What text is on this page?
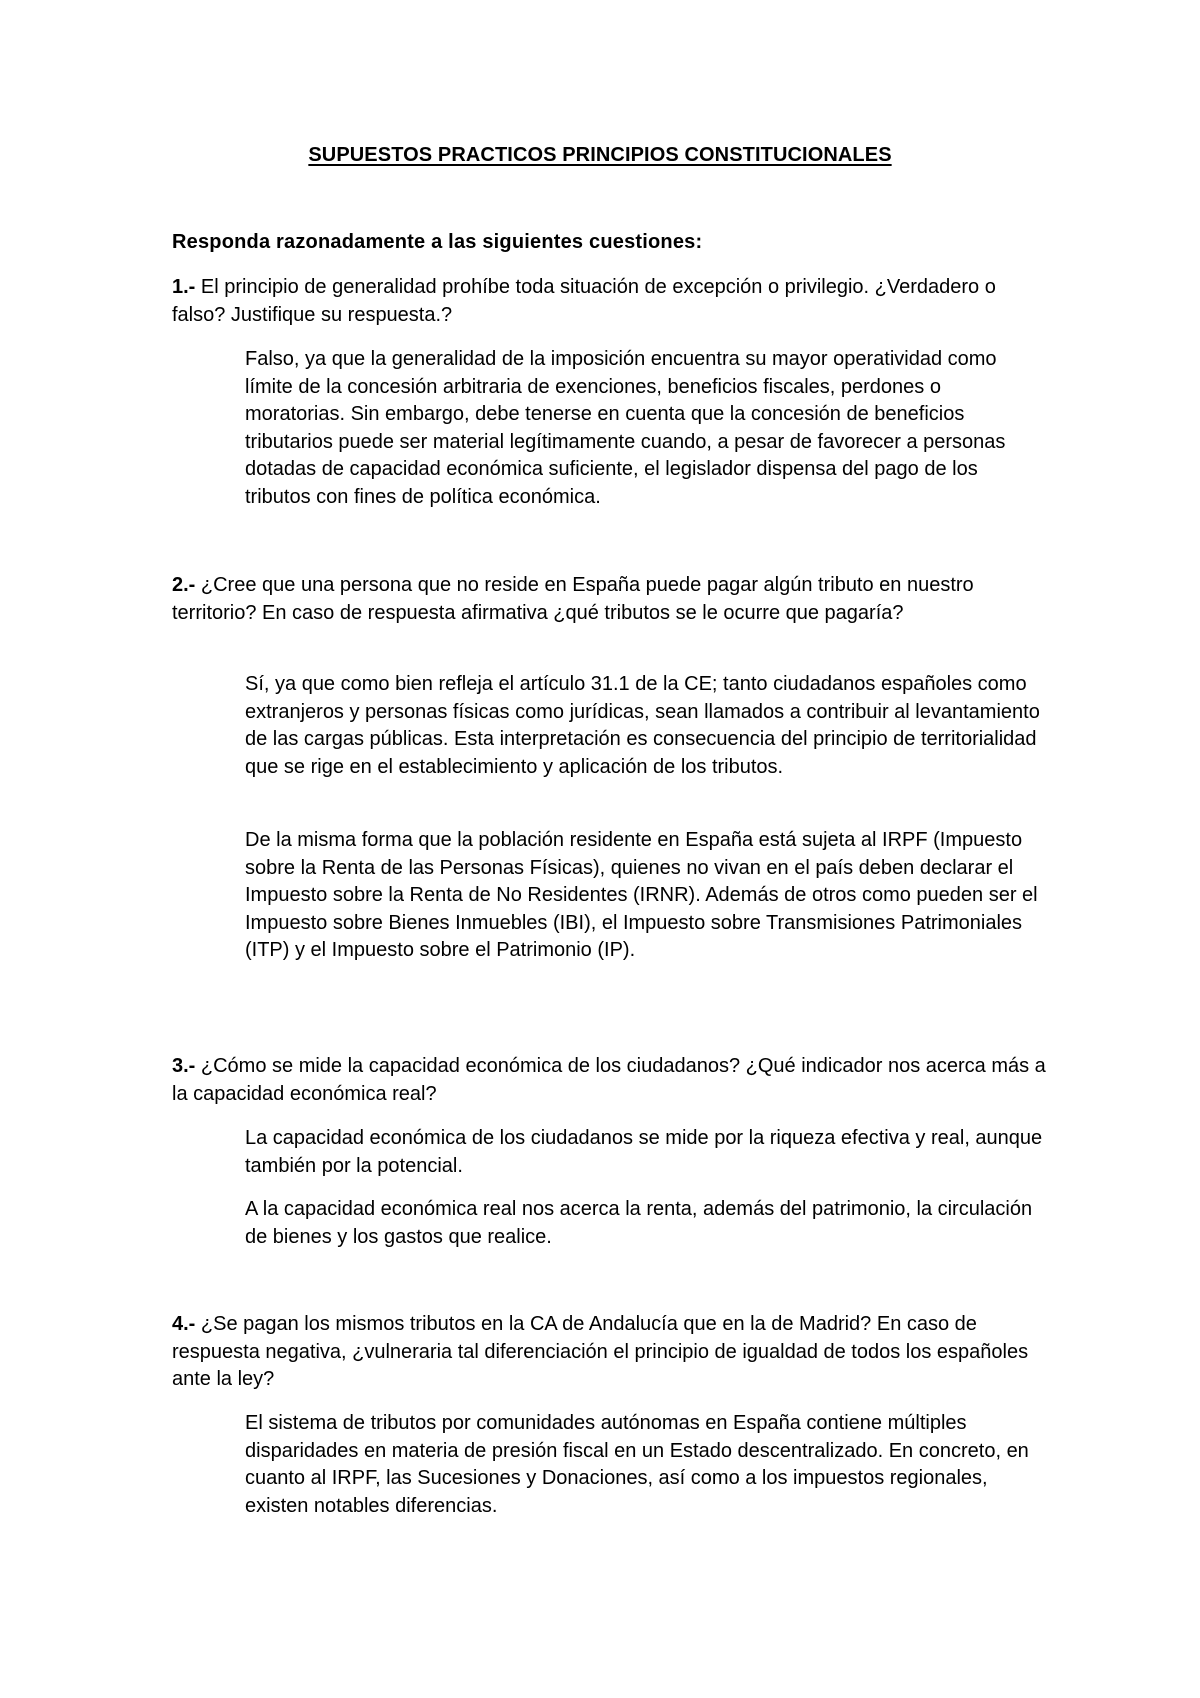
SUPUESTOS PRACTICOS PRINCIPIOS CONSTITUCIONALES
Responda razonadamente a las siguientes cuestiones:
1.- El principio de generalidad prohíbe toda situación de excepción o privilegio. ¿Verdadero o falso? Justifique su respuesta.?
Falso, ya que la generalidad de la imposición encuentra su mayor operatividad como límite de la concesión arbitraria de exenciones, beneficios fiscales, perdones o moratorias. Sin embargo, debe tenerse en cuenta que la concesión de beneficios tributarios puede ser material legítimamente cuando, a pesar de favorecer a personas dotadas de capacidad económica suficiente, el legislador dispensa del pago de los tributos con fines de política económica.
2.- ¿Cree que una persona que no reside en España puede pagar algún tributo en nuestro territorio? En caso de respuesta afirmativa ¿qué tributos se le ocurre que pagaría?
Sí, ya que como bien refleja el artículo 31.1 de la CE; tanto ciudadanos españoles como extranjeros y personas físicas como jurídicas, sean llamados a contribuir al levantamiento de las cargas públicas. Esta interpretación es consecuencia del principio de territorialidad que se rige en el establecimiento y aplicación de los tributos.
De la misma forma que la población residente en España está sujeta al IRPF (Impuesto sobre la Renta de las Personas Físicas), quienes no vivan en el país deben declarar el Impuesto sobre la Renta de No Residentes (IRNR). Además de otros como pueden ser el Impuesto sobre Bienes Inmuebles (IBI), el Impuesto sobre Transmisiones Patrimoniales (ITP) y el Impuesto sobre el Patrimonio (IP).
3.- ¿Cómo se mide la capacidad económica de los ciudadanos? ¿Qué indicador nos acerca más a la capacidad económica real?
La capacidad económica de los ciudadanos se mide por la riqueza efectiva y real, aunque también por la potencial.
A la capacidad económica real nos acerca la renta, además del patrimonio, la circulación de bienes y los gastos que realice.
4.- ¿Se pagan los mismos tributos en la CA de Andalucía que en la de Madrid? En caso de respuesta negativa, ¿vulneraria tal diferenciación el principio de igualdad de todos los españoles ante la ley?
El sistema de tributos por comunidades autónomas en España contiene múltiples disparidades en materia de presión fiscal en un Estado descentralizado. En concreto, en cuanto al IRPF, las Sucesiones y Donaciones, así como a los impuestos regionales, existen notables diferencias.
